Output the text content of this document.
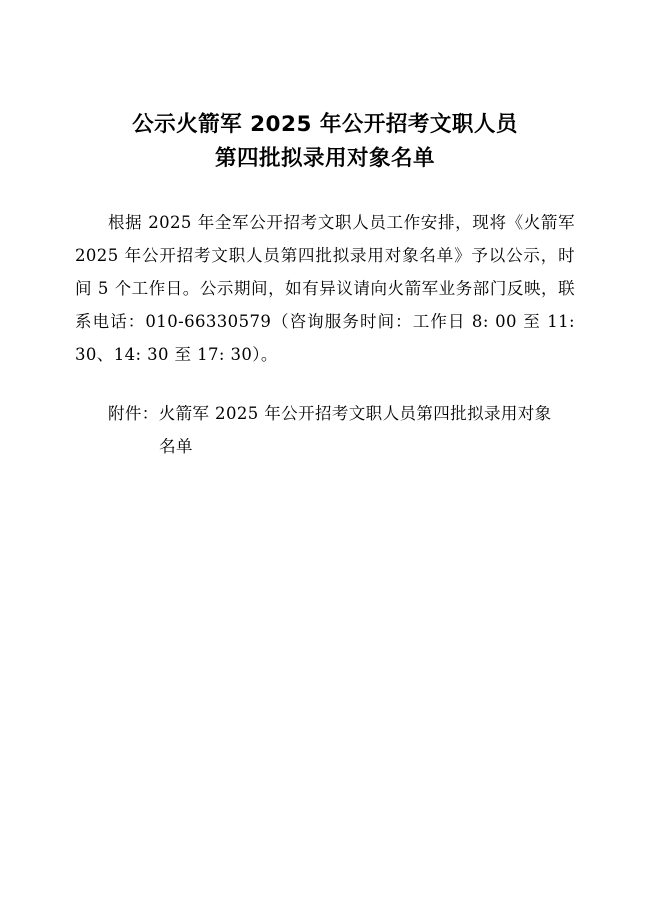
公示火箭军 2025 年公开招考文职人员
第四批拟录用对象名单

根据 2025 年全军公开招考文职人员工作安排，现将《火箭军 2025 年公开招考文职人员第四批拟录用对象名单》予以公示，时间 5 个工作日。公示期间，如有异议请向火箭军业务部门反映，联系电话：010-66330579（咨询服务时间：工作日 8: 00 至 11: 30、14: 30 至 17: 30）。

附件：火箭军 2025 年公开招考文职人员第四批拟录用对象
名单
